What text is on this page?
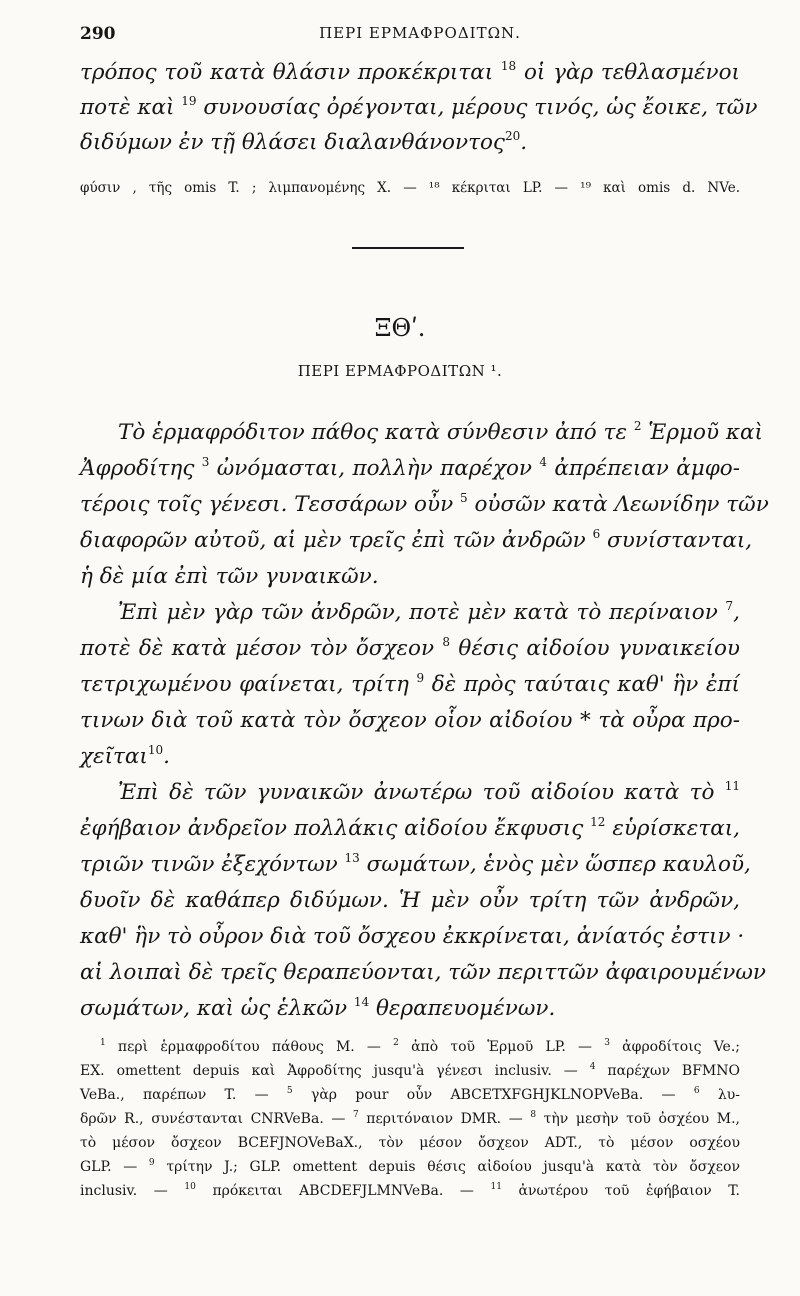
290	ΠΕΡΙ ΕΡΜΑΦΡΟΔΙΤΩΝ.
τρόπος τοῦ κατὰ θλάσιν προκέκριται $^{18}$ οἱ γὰρ τεθλασμένοι
ποτὲ καὶ $^{19}$ συνουσίας ὀρέγονται, μέρους τινός, ὡς ἔοικε, τῶν
διδύμων ἐν τῇ θλάσει διαλανθάνοντος$^{20}$.
φύσιν , τῆς omis T. ; λιμπανομένης X. — ¹⁸ κέκριται LP. — ¹⁹ καὶ omis d. NVe.
ΞΘʹ.
ΠΕΡΙ ΕΡΜΑΦΡΟΔΙΤΩΝ ¹.
Τὸ ἑρμαφρόδιτον πάθος κατὰ σύνθεσιν ἀπό τε $^2$ Ἑρμοῦ καὶ
Ἀφροδίτης $^3$ ὠνόμασται, πολλὴν παρέχον $^4$ ἀπρέπειαν ἀμφο-
τέροις τοῖς γένεσι. Τεσσάρων οὖν $^5$ οὐσῶν κατὰ Λεωνίδην τῶν
διαφορῶν αὐτοῦ, αἱ μὲν τρεῖς ἐπὶ τῶν ἀνδρῶν $^6$ συνίστανται,
ἡ δὲ μία ἐπὶ τῶν γυναικῶν.
Ἐπὶ μὲν γὰρ τῶν ἀνδρῶν, ποτὲ μὲν κατὰ τὸ περίναιον $^7$,
ποτὲ δὲ κατὰ μέσον τὸν ὄσχεον $^8$ θέσις αἰδοίου γυναικείου
τετριχωμένου φαίνεται, τρίτη $^9$ δὲ πρὸς ταύταις καθ' ἣν ἐπί
τινων διὰ τοῦ κατὰ τὸν ὄσχεον οἷον αἰδοίου * τὰ οὖρα προ-
χεῖται$^{10}$.
Ἐπὶ δὲ τῶν γυναικῶν ἀνωτέρω τοῦ αἰδοίου κατὰ τὸ $^{11}$
ἐφήβαιον ἀνδρεῖον πολλάκις αἰδοίου ἔκφυσις $^{12}$ εὑρίσκεται,
τριῶν τινῶν ἐξεχόντων $^{13}$ σωμάτων, ἑνὸς μὲν ὥσπερ καυλοῦ,
δυοῖν δὲ καθάπερ διδύμων. Ἡ μὲν οὖν τρίτη τῶν ἀνδρῶν,
καθ' ἣν τὸ οὖρον διὰ τοῦ ὄσχεου ἐκκρίνεται, ἀνίατός ἐστιν ·
αἱ λοιπαὶ δὲ τρεῖς θεραπεύονται, τῶν περιττῶν ἀφαιρουμένων
σωμάτων, καὶ ὡς ἑλκῶν $^{14}$ θεραπευομένων.
$^1$ περὶ ἑρμαφροδίτου πάθους M. — $^2$ ἀπὸ τοῦ Ἑρμοῦ LP. — $^3$ ἀφροδίτοις Ve.;
EX. omettent depuis καὶ Ἀφροδίτης jusqu'à γένεσι inclusiv. — $^4$ παρέχων BFMNO
VeBa., παρέπων T. — $^5$ γὰρ pour οὖν ABCETXFGHJKLNOPVeBa. — $^6$ λυ-
δρῶν R., συνέστανται CNRVeBa. — $^7$ περιτόναιον DMR. — $^8$ τὴν μεσὴν τοῦ ὀσχέου M.,
τὸ μέσον ὄσχεον BCEFJNOVeBaX., τὸν μέσον ὄσχεον ADT., τὸ μέσον οσχέου
GLP. — $^9$ τρίτην J.; GLP. omettent depuis θέσις αἰδοίου jusqu'à κατὰ τὸν ὄσχεον
inclusiv. — $^{10}$ πρόκειται ABCDEFJLMNVeBa. — $^{11}$ ἀνωτέρου τοῦ ἐφήβαιον T.
